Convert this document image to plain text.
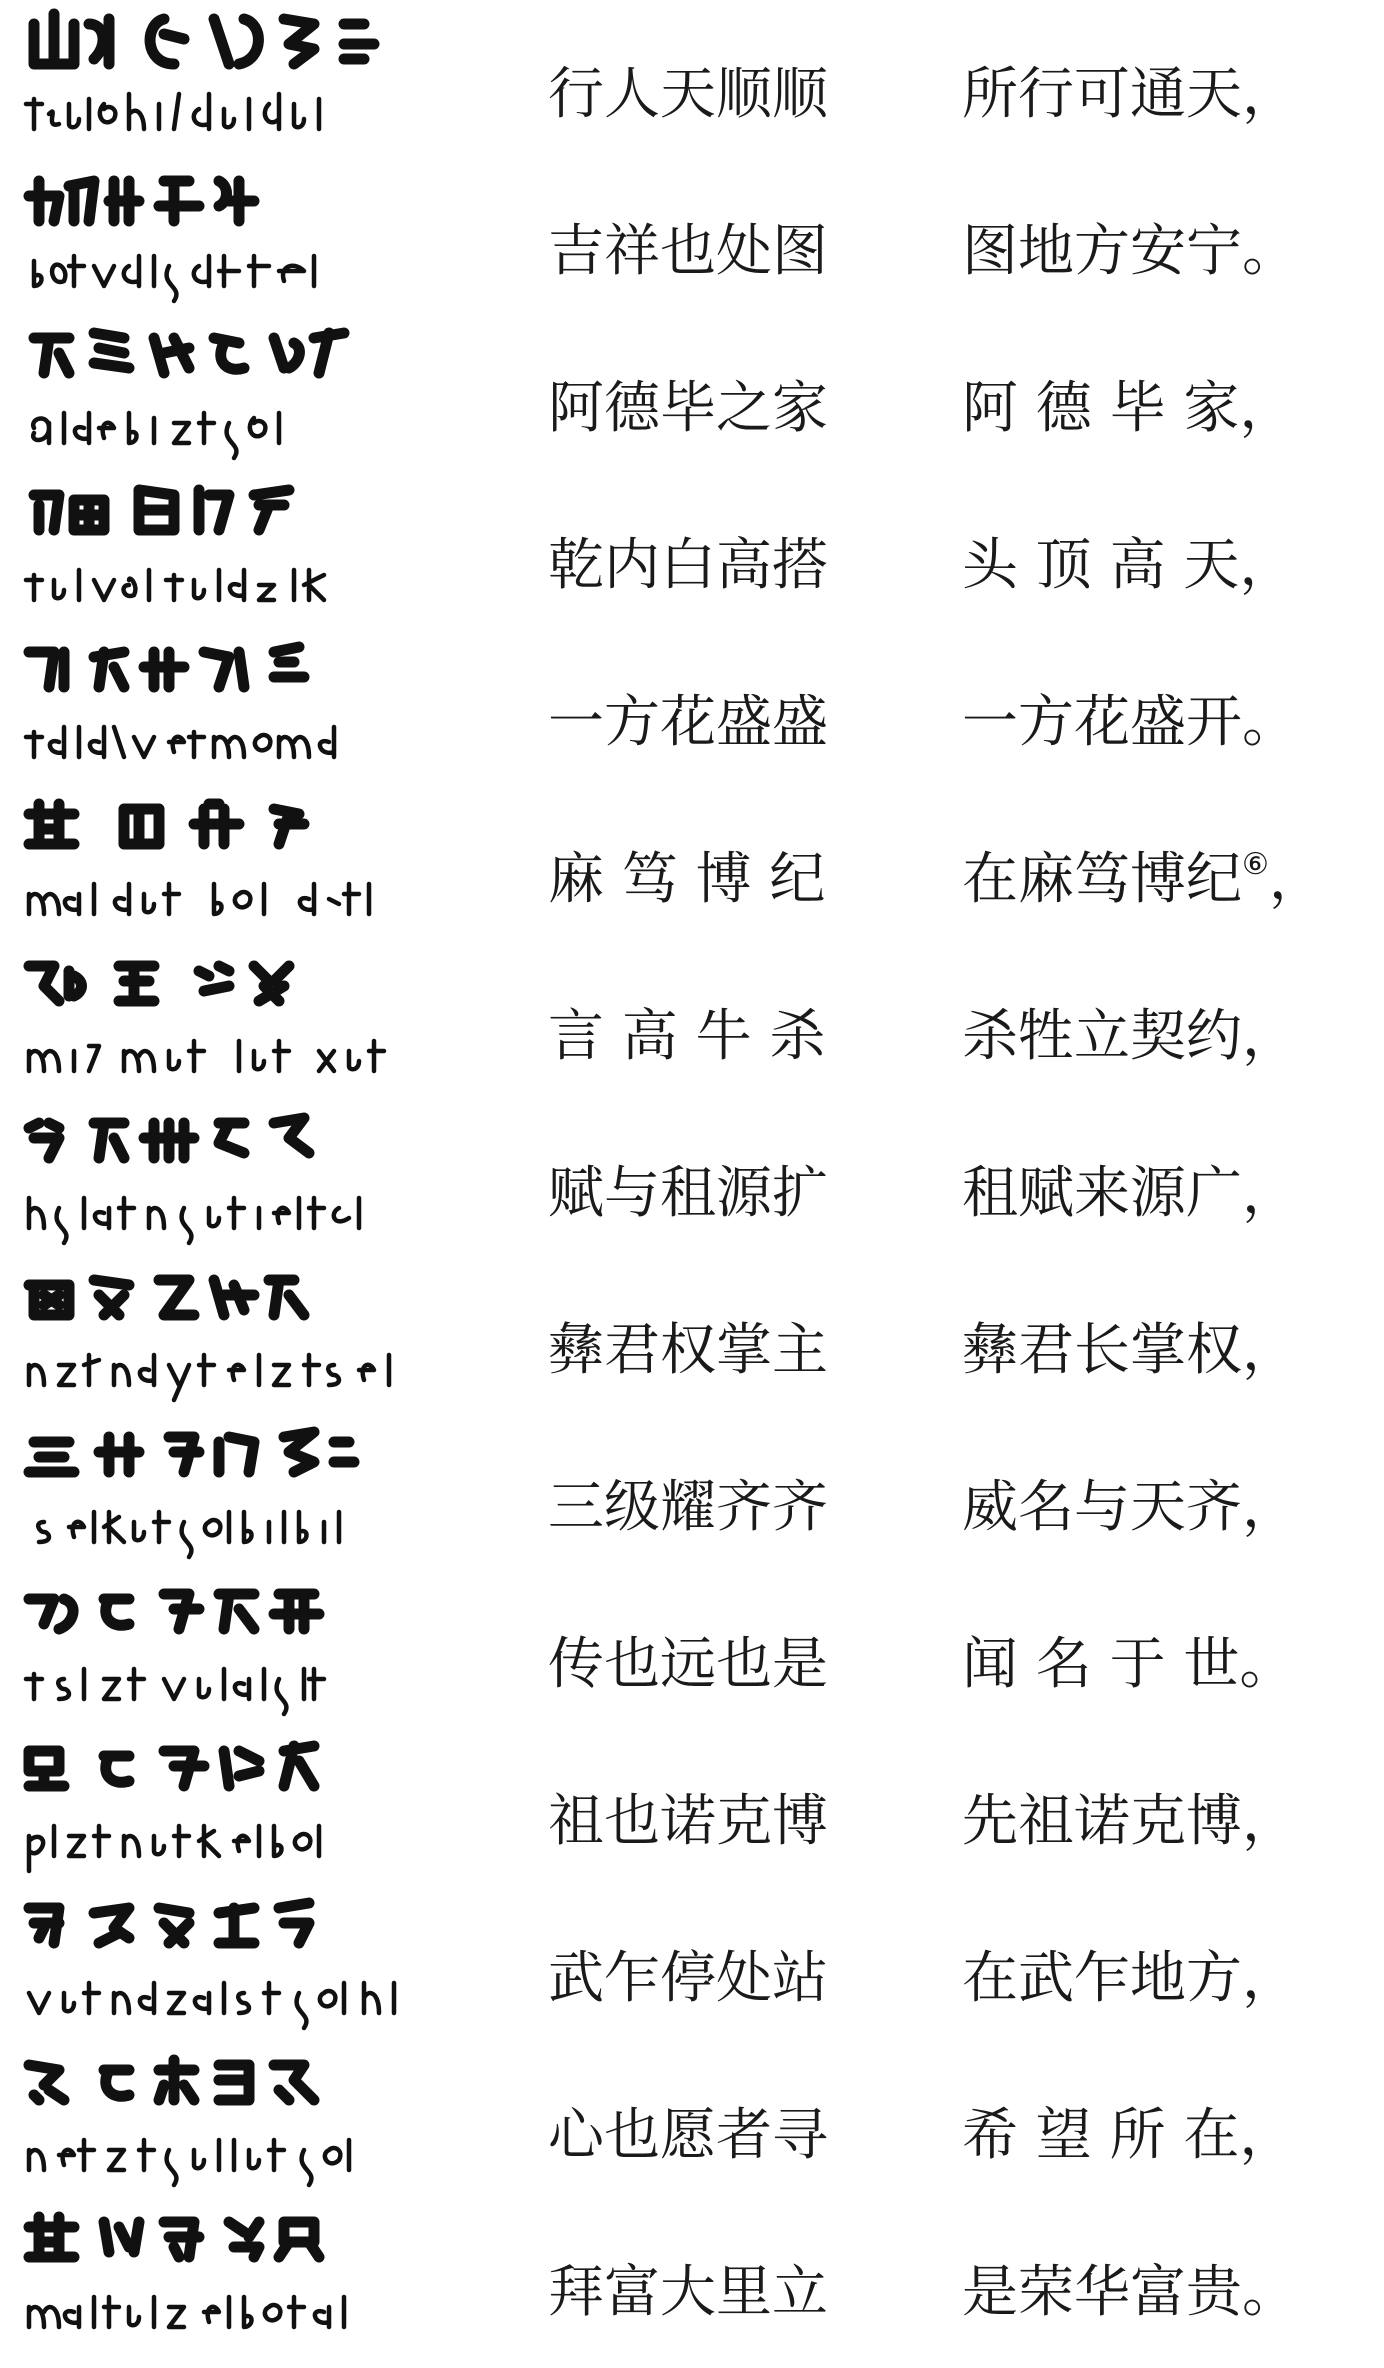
行人天顺顺	所行可通天，
吉祥也处图	图地方安宁。
阿德毕之家	阿 德 毕 家，
乾内白高搭	头 顶 高 天，
一方花盛盛	一方花盛开。
麻 笃 博 纪	在麻笃博纪⑥，
言 高 牛 杀	杀牲立契约，
赋与租源扩	租赋来源广，
彝君权掌主	彝君长掌权，
三级耀齐齐	威名与天齐，
传也远也是	闻 名 于 世。
祖也诺克博	先祖诺克博，
武乍停处站	在武乍地方，
心也愿者寻	希 望 所 在，
拜富大里立	是荣华富贵。
